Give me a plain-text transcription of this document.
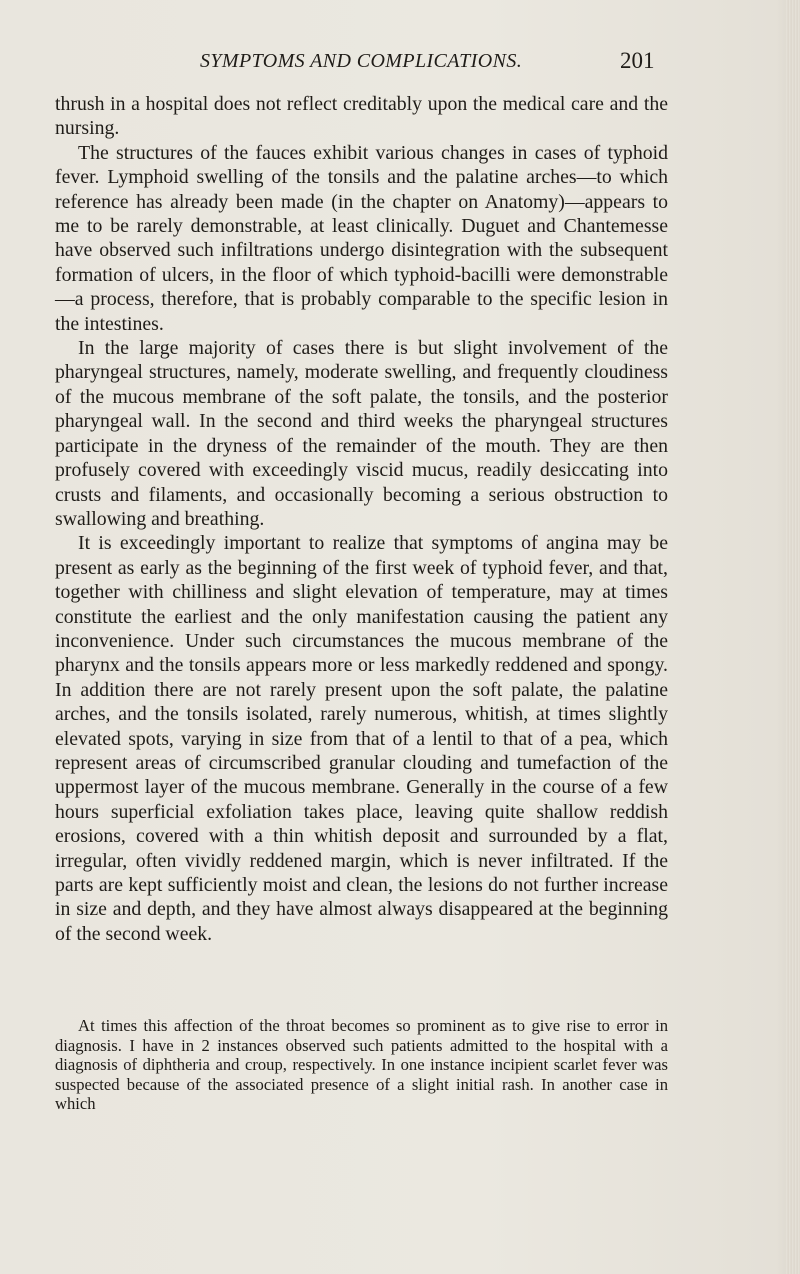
SYMPTOMS AND COMPLICATIONS.	201

thrush in a hospital does not reflect creditably upon the medical care and the nursing.

The structures of the fauces exhibit various changes in cases of typhoid fever. Lymphoid swelling of the tonsils and the palatine arches—to which reference has already been made (in the chapter on Anatomy)—appears to me to be rarely demonstrable, at least clinically. Duguet and Chantemesse have observed such infiltrations undergo disintegration with the subsequent formation of ulcers, in the floor of which typhoid-bacilli were demonstrable—a process, therefore, that is probably comparable to the specific lesion in the intestines.

In the large majority of cases there is but slight involvement of the pharyngeal structures, namely, moderate swelling, and frequently cloudiness of the mucous membrane of the soft palate, the tonsils, and the posterior pharyngeal wall. In the second and third weeks the pharyngeal structures participate in the dryness of the remainder of the mouth. They are then profusely covered with exceedingly viscid mucus, readily desiccating into crusts and filaments, and occasionally becoming a serious obstruction to swallowing and breathing.

It is exceedingly important to realize that symptoms of angina may be present as early as the beginning of the first week of typhoid fever, and that, together with chilliness and slight elevation of temperature, may at times constitute the earliest and the only manifestation causing the patient any inconvenience. Under such circumstances the mucous membrane of the pharynx and the tonsils appears more or less markedly reddened and spongy. In addition there are not rarely present upon the soft palate, the palatine arches, and the tonsils isolated, rarely numerous, whitish, at times slightly elevated spots, varying in size from that of a lentil to that of a pea, which represent areas of circumscribed granular clouding and tumefaction of the uppermost layer of the mucous membrane. Generally in the course of a few hours superficial exfoliation takes place, leaving quite shallow reddish erosions, covered with a thin whitish deposit and surrounded by a flat, irregular, often vividly reddened margin, which is never infiltrated. If the parts are kept sufficiently moist and clean, the lesions do not further increase in size and depth, and they have almost always disappeared at the beginning of the second week.

At times this affection of the throat becomes so prominent as to give rise to error in diagnosis. I have in 2 instances observed such patients admitted to the hospital with a diagnosis of diphtheria and croup, respectively. In one instance incipient scarlet fever was suspected because of the associated presence of a slight initial rash. In another case in which
